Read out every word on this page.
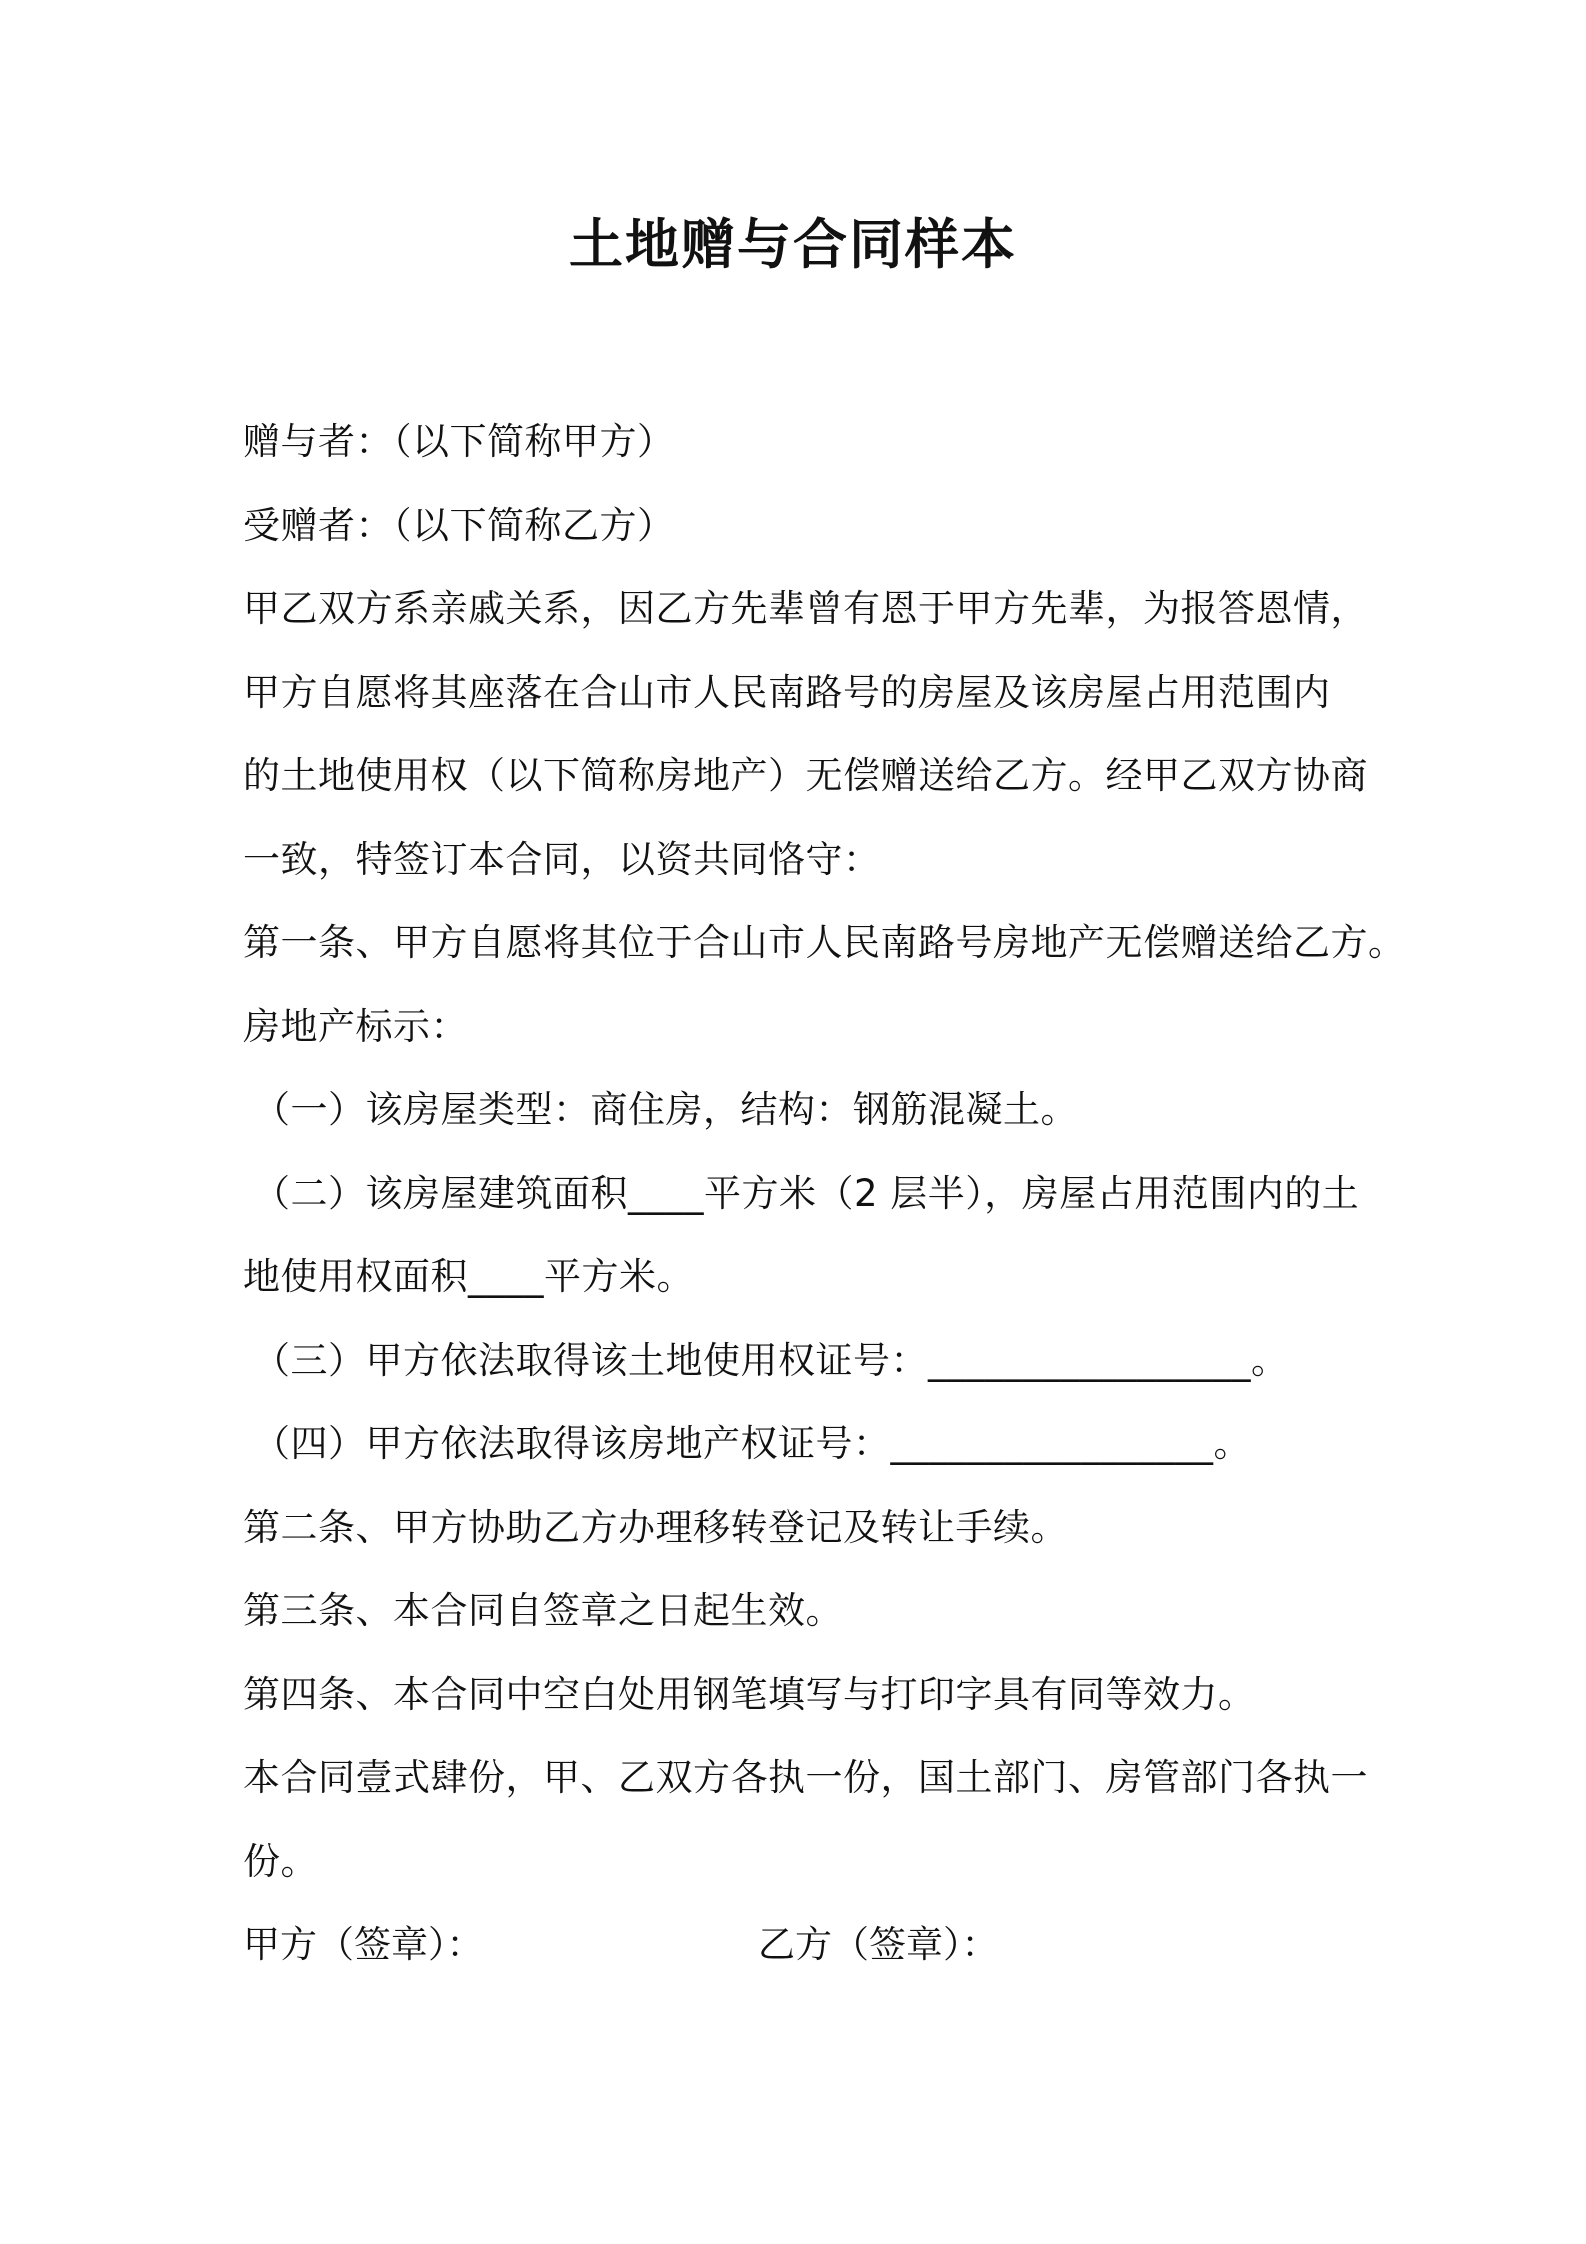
土地赠与合同样本

赠与者：（以下简称甲方）

受赠者：（以下简称乙方）

甲乙双方系亲戚关系，因乙方先辈曾有恩于甲方先辈，为报答恩情，

甲方自愿将其座落在合山市人民南路号的房屋及该房屋占用范围内

的土地使用权（以下简称房地产）无偿赠送给乙方。经甲乙双方协商

一致，特签订本合同，以资共同恪守：

第一条、甲方自愿将其位于合山市人民南路号房地产无偿赠送给乙方。

房地产标示：

（一）该房屋类型：商住房，结构：钢筋混凝土。

（二）该房屋建筑面积____平方米（2 层半），房屋占用范围内的土

地使用权面积____平方米。

（三）甲方依法取得该土地使用权证号：_________________。

（四）甲方依法取得该房地产权证号：_________________。

第二条、甲方协助乙方办理移转登记及转让手续。

第三条、本合同自签章之日起生效。

第四条、本合同中空白处用钢笔填写与打印字具有同等效力。

本合同壹式肆份，甲、乙双方各执一份，国土部门、房管部门各执一

份。

甲方（签章）：	乙方（签章）：
